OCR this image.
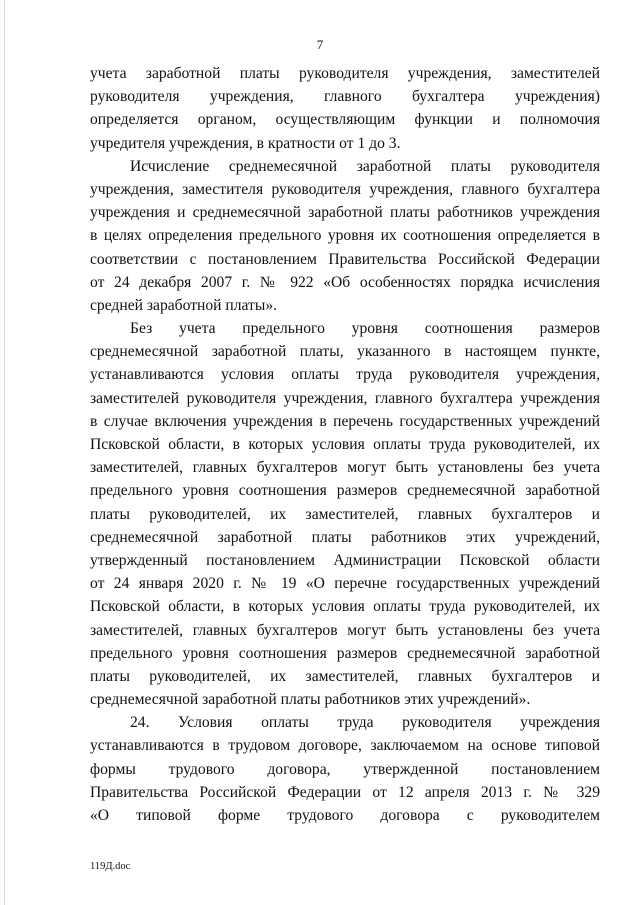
7
учета заработной платы руководителя учреждения, заместителей
руководителя учреждения, главного бухгалтера учреждения)
определяется органом, осуществляющим функции и полномочия
учредителя учреждения, в кратности от 1 до 3.
Исчисление среднемесячной заработной платы руководителя
учреждения, заместителя руководителя учреждения, главного бухгалтера
учреждения и среднемесячной заработной платы работников учреждения
в целях определения предельного уровня их соотношения определяется в
соответствии с постановлением Правительства Российской Федерации
от 24 декабря 2007 г. № 922 «Об особенностях порядка исчисления
средней заработной платы».
Без учета предельного уровня соотношения размеров
среднемесячной заработной платы, указанного в настоящем пункте,
устанавливаются условия оплаты труда руководителя учреждения,
заместителей руководителя учреждения, главного бухгалтера учреждения
в случае включения учреждения в перечень государственных учреждений
Псковской области, в которых условия оплаты труда руководителей, их
заместителей, главных бухгалтеров могут быть установлены без учета
предельного уровня соотношения размеров среднемесячной заработной
платы руководителей, их заместителей, главных бухгалтеров и
среднемесячной заработной платы работников этих учреждений,
утвержденный постановлением Администрации Псковской области
от 24 января 2020 г. № 19 «О перечне государственных учреждений
Псковской области, в которых условия оплаты труда руководителей, их
заместителей, главных бухгалтеров могут быть установлены без учета
предельного уровня соотношения размеров среднемесячной заработной
платы руководителей, их заместителей, главных бухгалтеров и
среднемесячной заработной платы работников этих учреждений».
24. Условия оплаты труда руководителя учреждения
устанавливаются в трудовом договоре, заключаемом на основе типовой
формы трудового договора, утвержденной постановлением
Правительства Российской Федерации от 12 апреля 2013 г. № 329
«О типовой форме трудового договора с руководителем
119Д.doc
